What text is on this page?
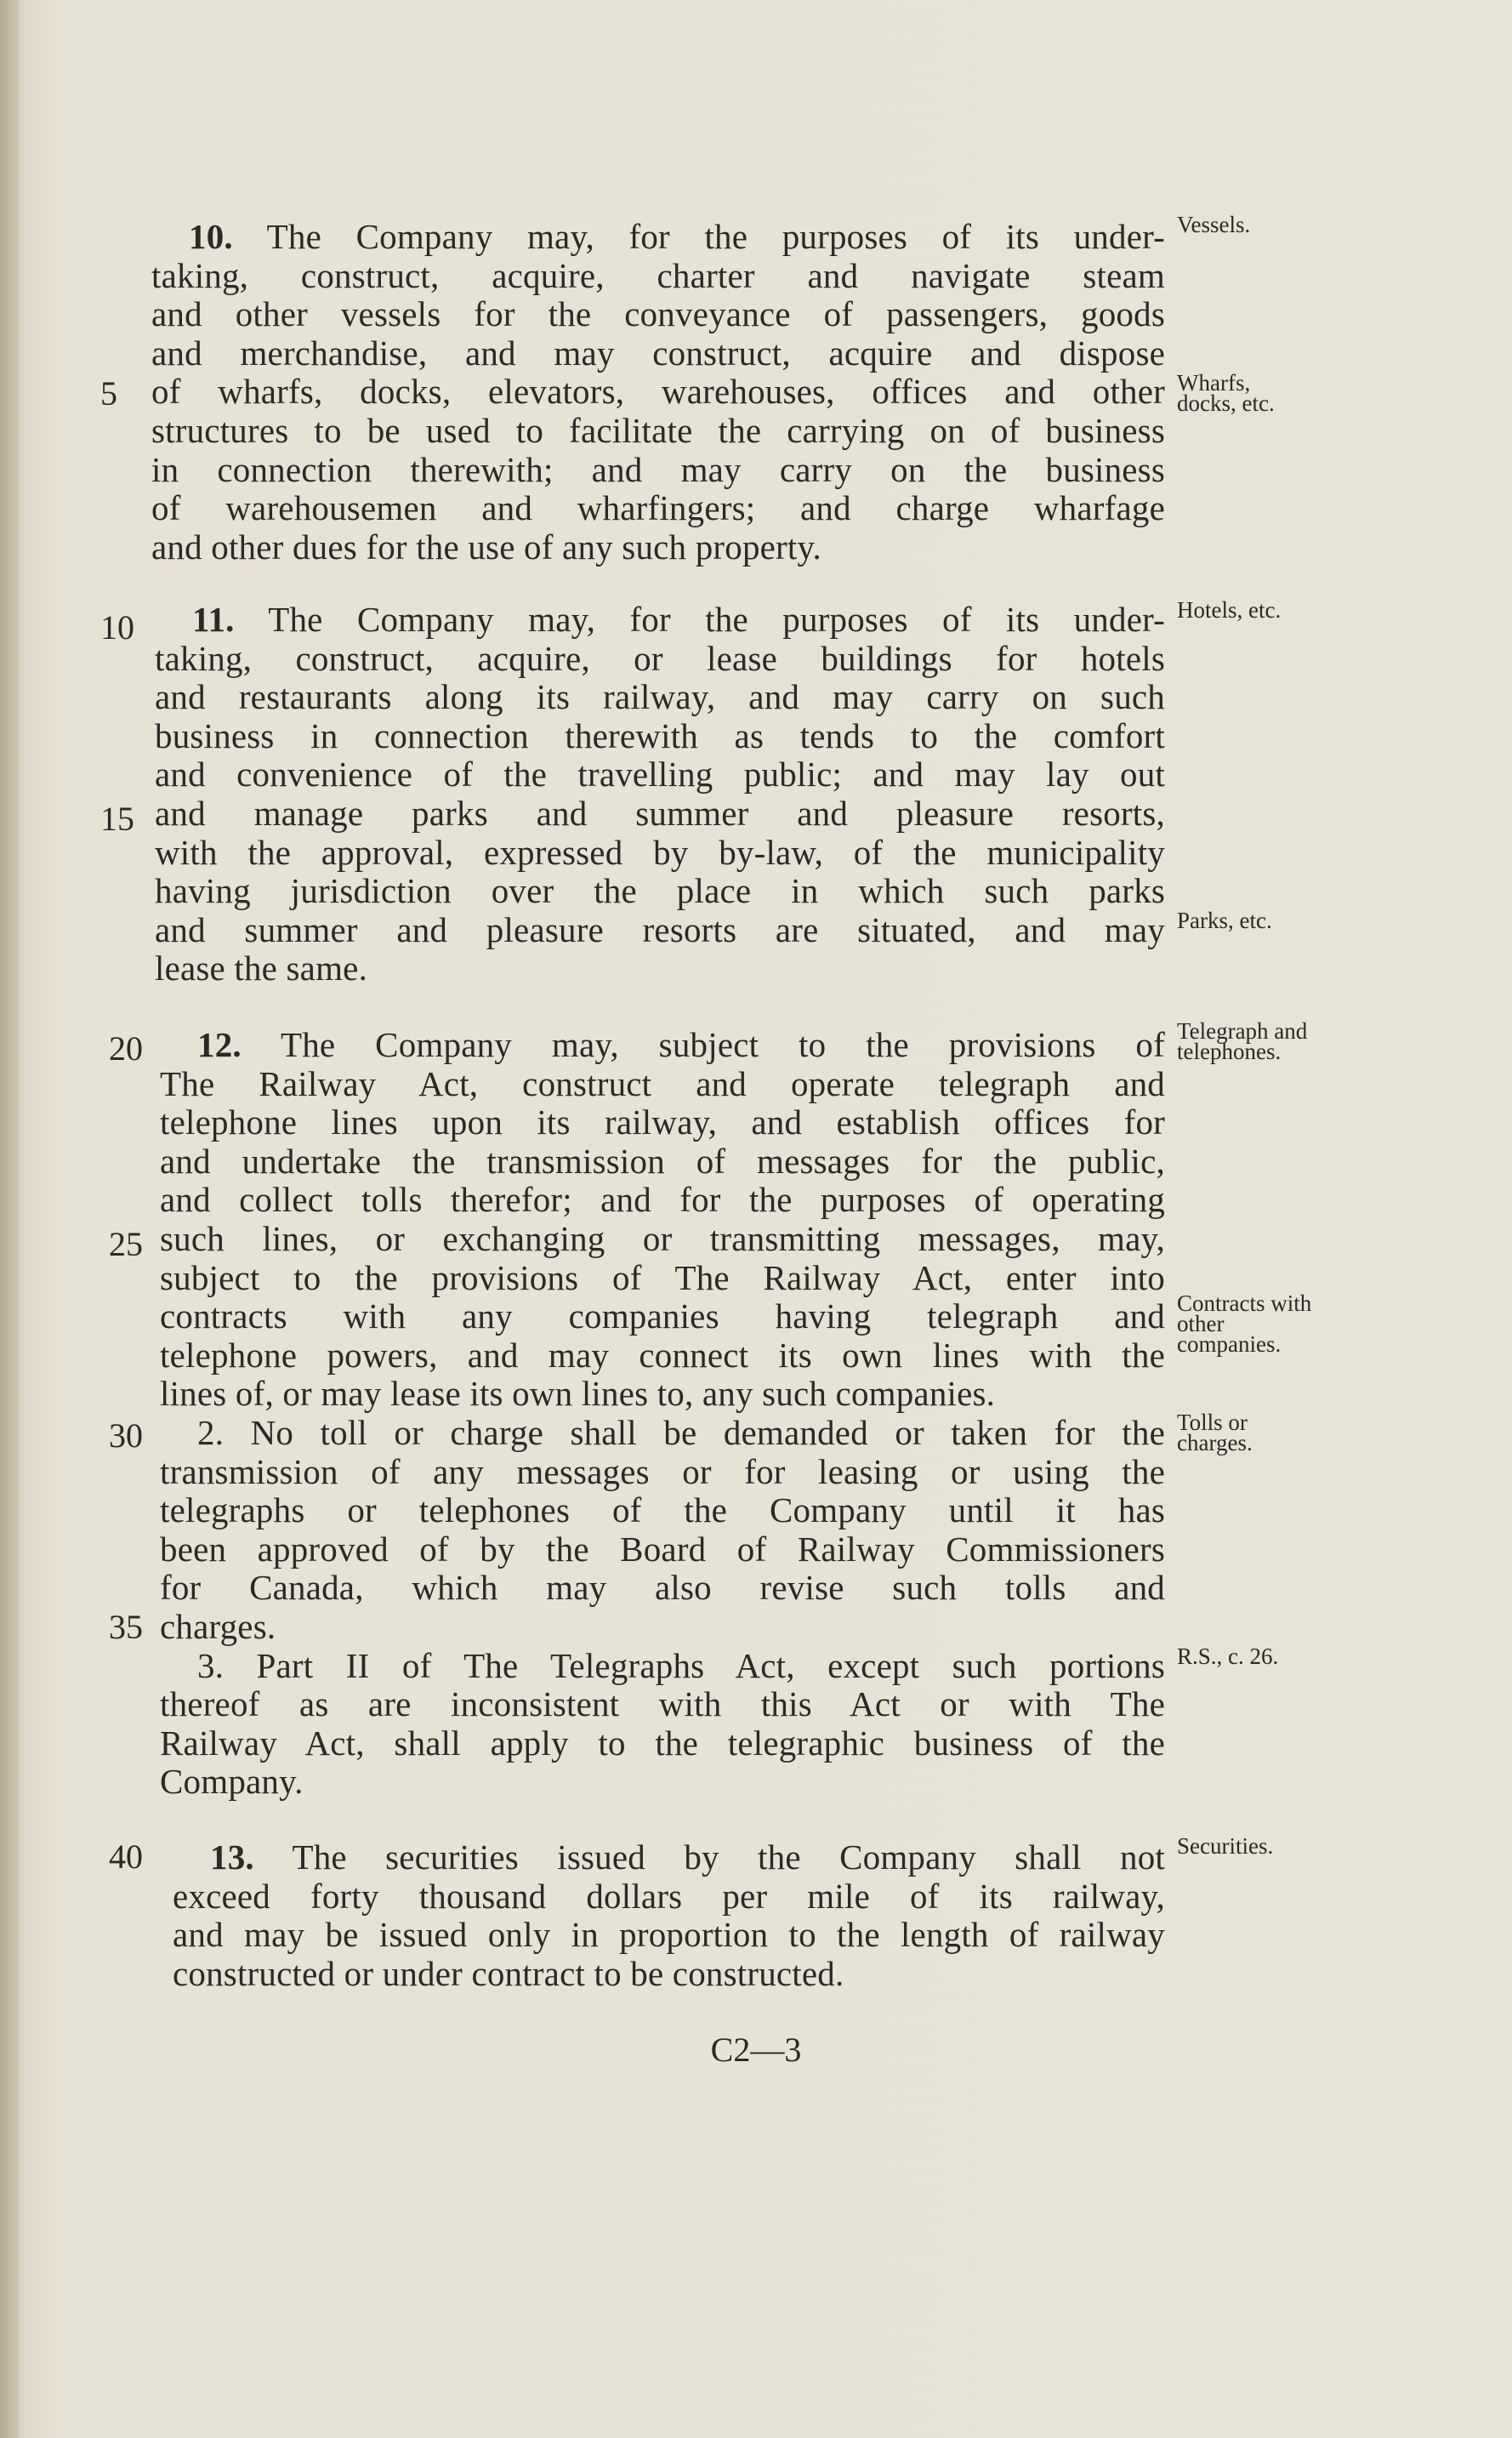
10. The Company may, for the purposes of its under-
taking, construct, acquire, charter and navigate steam
and other vessels for the conveyance of passengers, goods
and merchandise, and may construct, acquire and dispose
of wharfs, docks, elevators, warehouses, offices and other
structures to be used to facilitate the carrying on of business
in connection therewith; and may carry on the business
of warehousemen and wharfingers; and charge wharfage
and other dues for the use of any such property.
11. The Company may, for the purposes of its under-
taking, construct, acquire, or lease buildings for hotels
and restaurants along its railway, and may carry on such
business in connection therewith as tends to the comfort
and convenience of the travelling public; and may lay out
and manage parks and summer and pleasure resorts,
with the approval, expressed by by-law, of the municipality
having jurisdiction over the place in which such parks
and summer and pleasure resorts are situated, and may
lease the same.
12. The Company may, subject to the provisions of
The Railway Act, construct and operate telegraph and
telephone lines upon its railway, and establish offices for
and undertake the transmission of messages for the public,
and collect tolls therefor; and for the purposes of operating
such lines, or exchanging or transmitting messages, may,
subject to the provisions of The Railway Act, enter into
contracts with any companies having telegraph and
telephone powers, and may connect its own lines with the
lines of, or may lease its own lines to, any such companies.
2. No toll or charge shall be demanded or taken for the
transmission of any messages or for leasing or using the
telegraphs or telephones of the Company until it has
been approved of by the Board of Railway Commissioners
for Canada, which may also revise such tolls and
charges.
3. Part II of The Telegraphs Act, except such portions
thereof as are inconsistent with this Act or with The
Railway Act, shall apply to the telegraphic business of the
Company.
13. The securities issued by the Company shall not
exceed forty thousand dollars per mile of its railway,
and may be issued only in proportion to the length of railway
constructed or under contract to be constructed.
5
10
15
20
25
30
35
40
Vessels.
Wharfs, docks, etc.
Hotels, etc.
Parks, etc.
Telegraph and telephones.
Contracts with other companies.
Tolls or charges.
R.S., c. 26.
Securities.
C2—3
